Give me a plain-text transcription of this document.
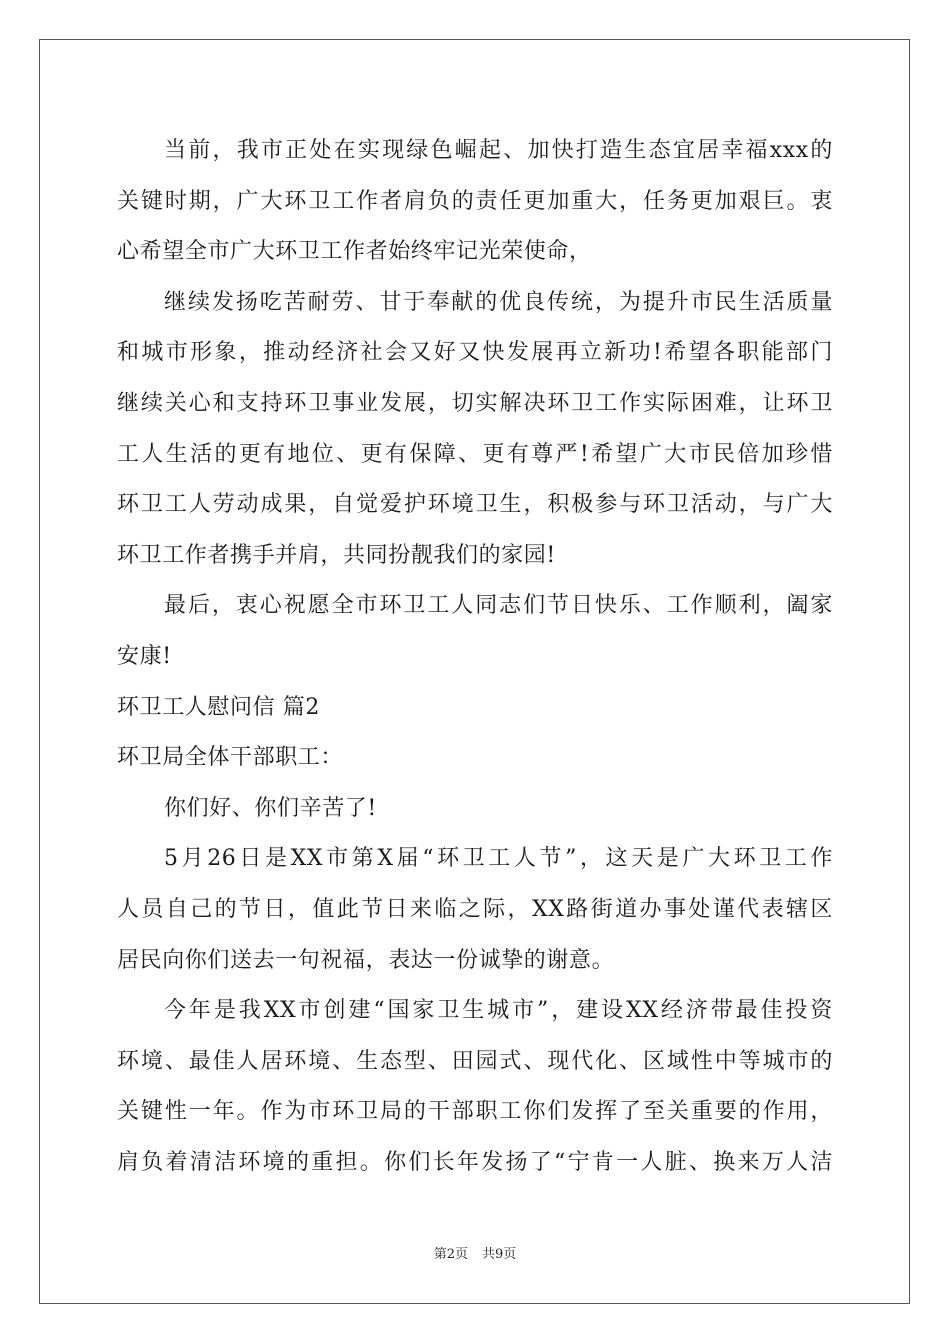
当前，我市正处在实现绿色崛起、加快打造生态宜居幸福xxx的
关键时期，广大环卫工作者肩负的责任更加重大，任务更加艰巨。衷
心希望全市广大环卫工作者始终牢记光荣使命，
继续发扬吃苦耐劳、甘于奉献的优良传统，为提升市民生活质量
和城市形象，推动经济社会又好又快发展再立新功!希望各职能部门
继续关心和支持环卫事业发展，切实解决环卫工作实际困难，让环卫
工人生活的更有地位、更有保障、更有尊严!希望广大市民倍加珍惜
环卫工人劳动成果，自觉爱护环境卫生，积极参与环卫活动，与广大
环卫工作者携手并肩，共同扮靓我们的家园!
最后，衷心祝愿全市环卫工人同志们节日快乐、工作顺利，阖家
安康!
环卫工人慰问信 篇2
环卫局全体干部职工：
你们好、你们辛苦了!
5月26日是XX市第X届“环卫工人节”，这天是广大环卫工作
人员自己的节日，值此节日来临之际，XX路街道办事处谨代表辖区
居民向你们送去一句祝福，表达一份诚挚的谢意。
今年是我XX市创建“国家卫生城市”，建设XX经济带最佳投资
环境、最佳人居环境、生态型、田园式、现代化、区域性中等城市的
关键性一年。作为市环卫局的干部职工你们发挥了至关重要的作用，
肩负着清洁环境的重担。你们长年发扬了“宁肯一人脏、换来万人洁
第2页 共9页
